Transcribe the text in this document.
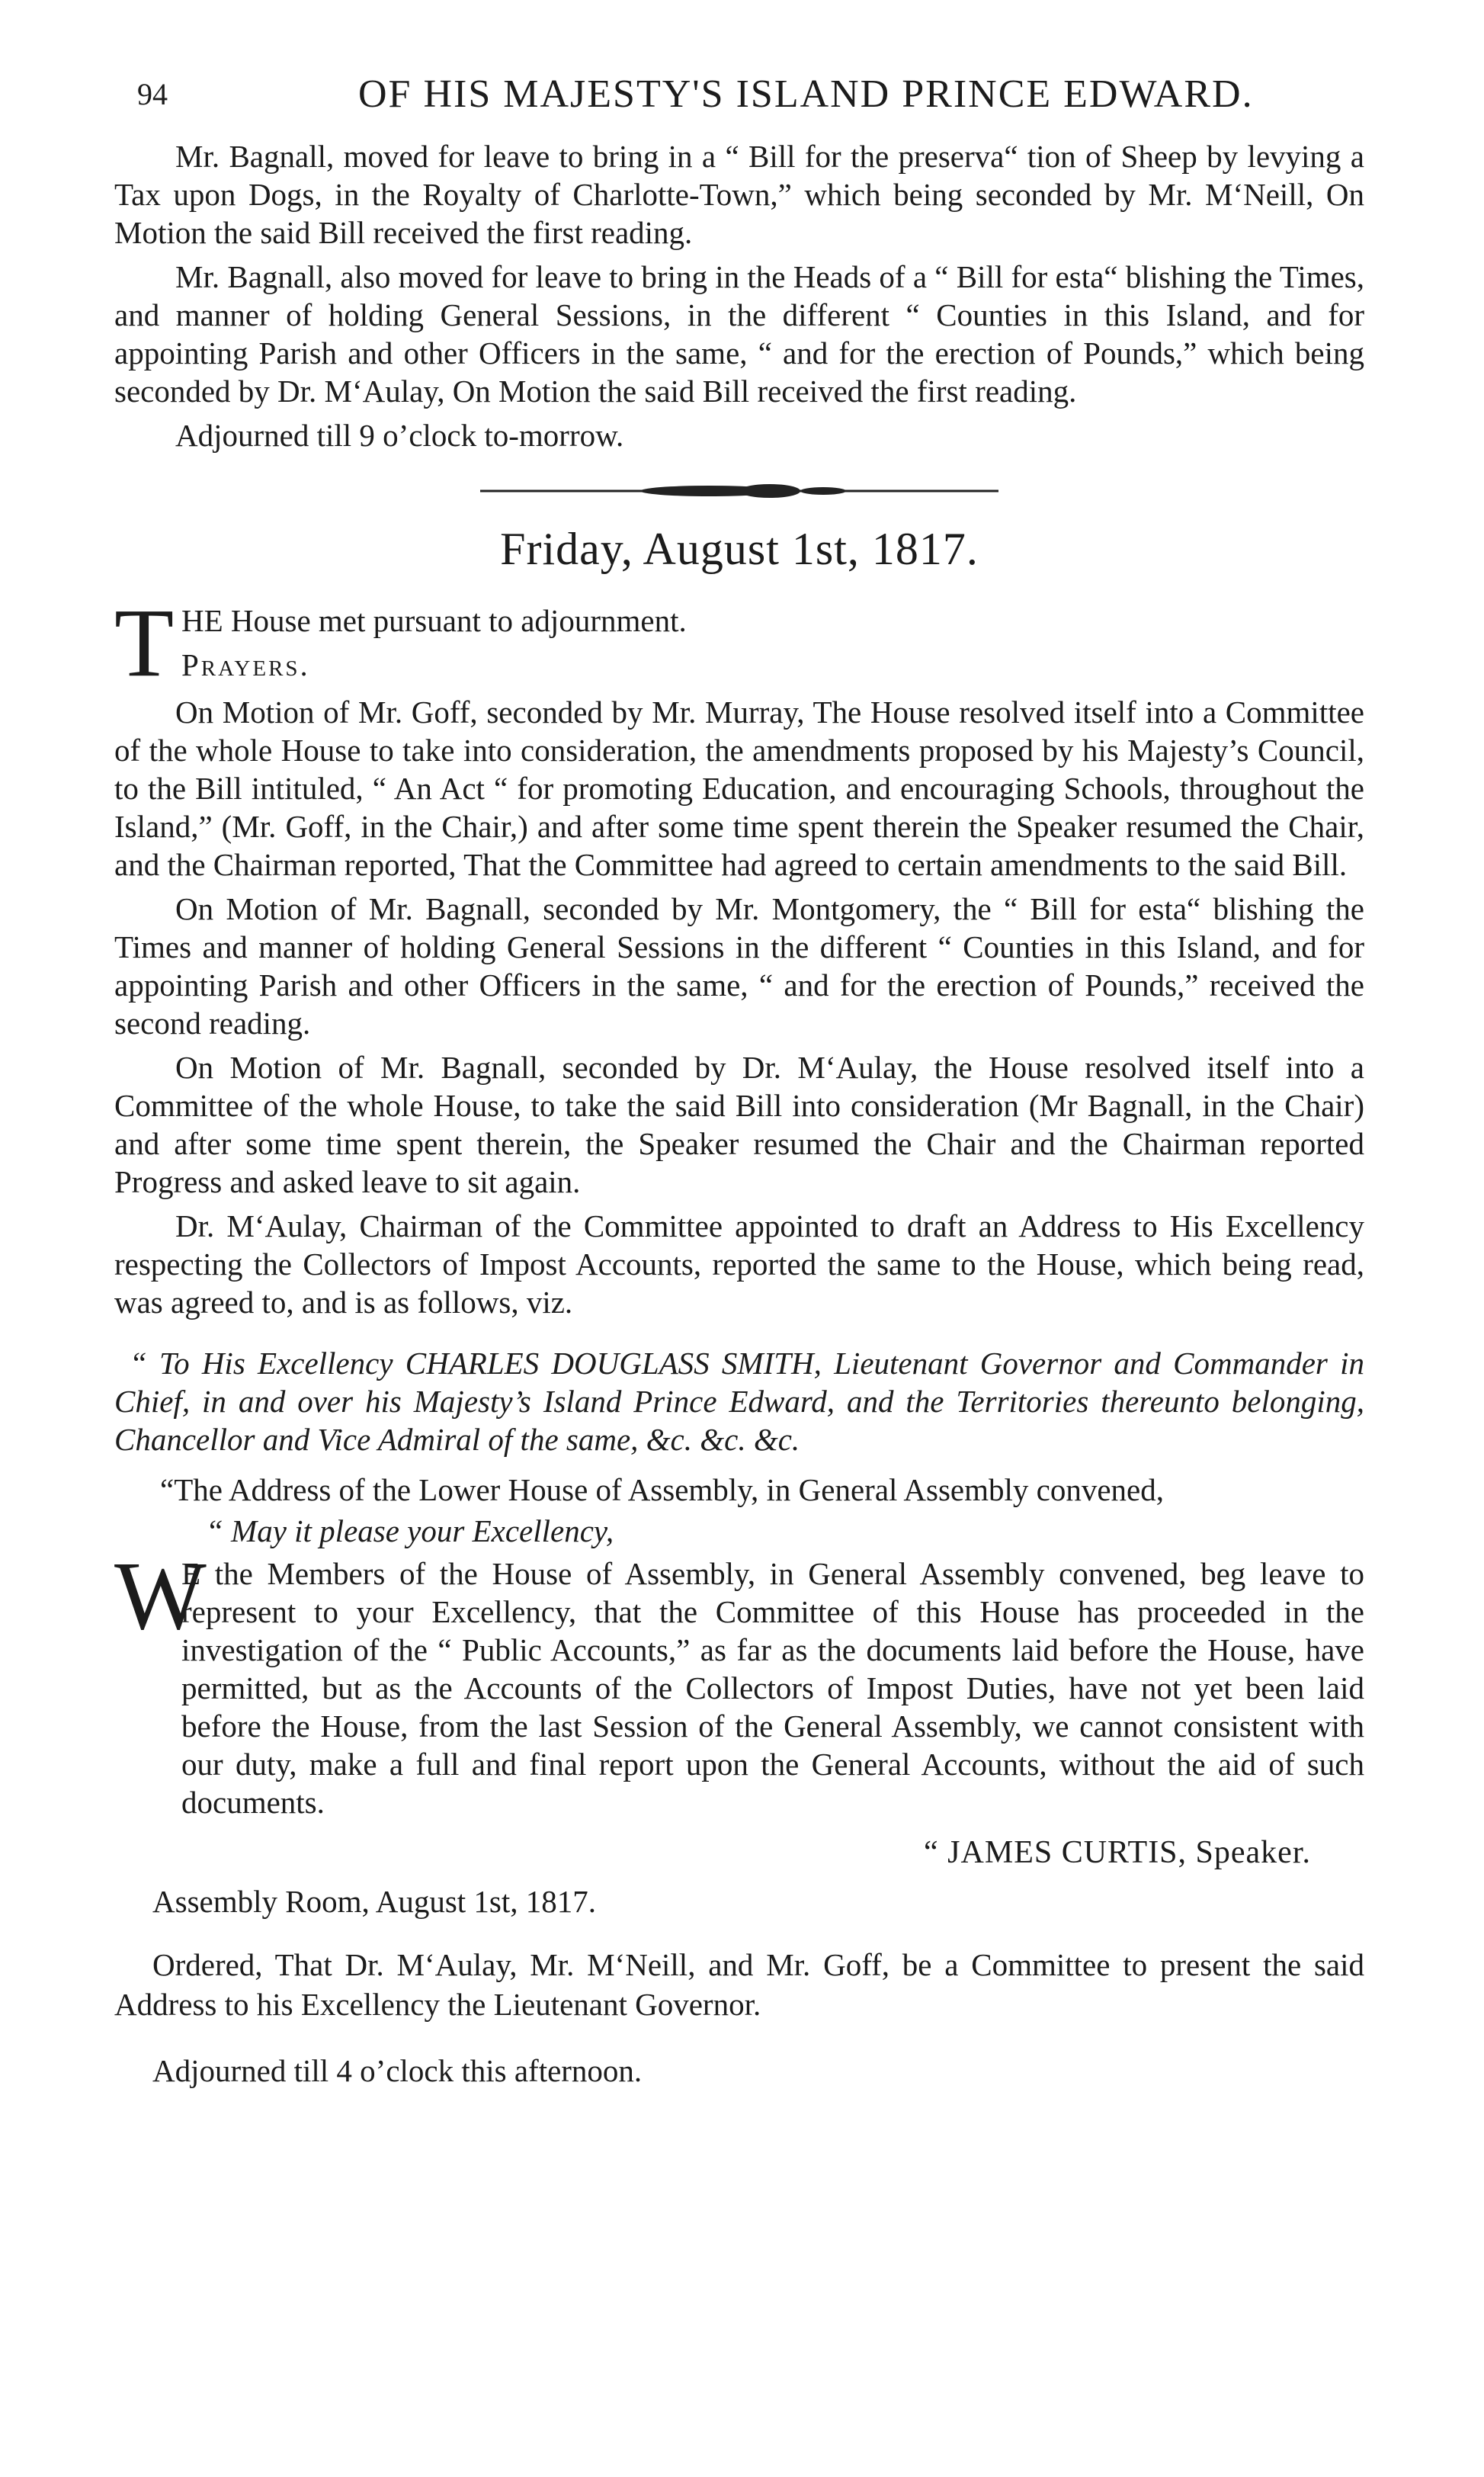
94	OF HIS MAJESTY'S ISLAND PRINCE EDWARD.

Mr. Bagnall, moved for leave to bring in a “ Bill for the preserva“ tion of Sheep by levying a Tax upon Dogs, in the Royalty of Charlotte-Town,” which being seconded by Mr. M‘Neill, On Motion the said Bill received the first reading.

Mr. Bagnall, also moved for leave to bring in the Heads of a “ Bill for esta“ blishing the Times, and manner of holding General Sessions, in the different “ Counties in this Island, and for appointing Parish and other Officers in the same, “ and for the erection of Pounds,” which being seconded by Dr. M‘Aulay, On Motion the said Bill received the first reading.

Adjourned till 9 o’clock to-morrow.

Friday, August 1st, 1817.
T HE House met pursuant to adjournment.

Prayers.

On Motion of Mr. Goff, seconded by Mr. Murray, The House resolved itself into a Committee of the whole House to take into consideration, the amendments proposed by his Majesty’s Council, to the Bill intituled, “ An Act “ for promoting Education, and encouraging Schools, throughout the Island,” (Mr. Goff, in the Chair,) and after some time spent therein the Speaker resumed the Chair, and the Chairman reported, That the Committee had agreed to certain amendments to the said Bill.

On Motion of Mr. Bagnall, seconded by Mr. Montgomery, the “ Bill for esta“ blishing the Times and manner of holding General Sessions in the different “ Counties in this Island, and for appointing Parish and other Officers in the same, “ and for the erection of Pounds,” received the second reading.

On Motion of Mr. Bagnall, seconded by Dr. M‘Aulay, the House resolved itself into a Committee of the whole House, to take the said Bill into consideration (Mr Bagnall, in the Chair) and after some time spent therein, the Speaker resumed the Chair and the Chairman reported Progress and asked leave to sit again.

Dr. M‘Aulay, Chairman of the Committee appointed to draft an Address to His Excellency respecting the Collectors of Impost Accounts, reported the same to the House, which being read, was agreed to, and is as follows, viz.

“ To His Excellency CHARLES DOUGLASS SMITH, Lieutenant Governor and Commander in Chief, in and over his Majesty’s Island Prince Edward, and the Territories thereunto belonging, Chancellor and Vice Admiral of the same, &c. &c. &c.

“The Address of the Lower House of Assembly, in General Assembly convened,

“ May it please your Excellency,

W

E the Members of the House of Assembly, in General Assembly convened, beg leave to represent to your Excellency, that the Committee of this House has proceeded in the investigation of the “ Public Accounts,” as far as the documents laid before the House, have permitted, but as the Accounts of the Collectors of Impost Duties, have not yet been laid before the House, from the last Session of the General Assembly, we cannot consistent with our duty, make a full and final report upon the General Accounts, without the aid of such documents.

“ JAMES CURTIS, Speaker.

Assembly Room, August 1st, 1817.

Ordered, That Dr. M‘Aulay, Mr. M‘Neill, and Mr. Goff, be a Committee to present the said Address to his Excellency the Lieutenant Governor.

Adjourned till 4 o’clock this afternoon.
